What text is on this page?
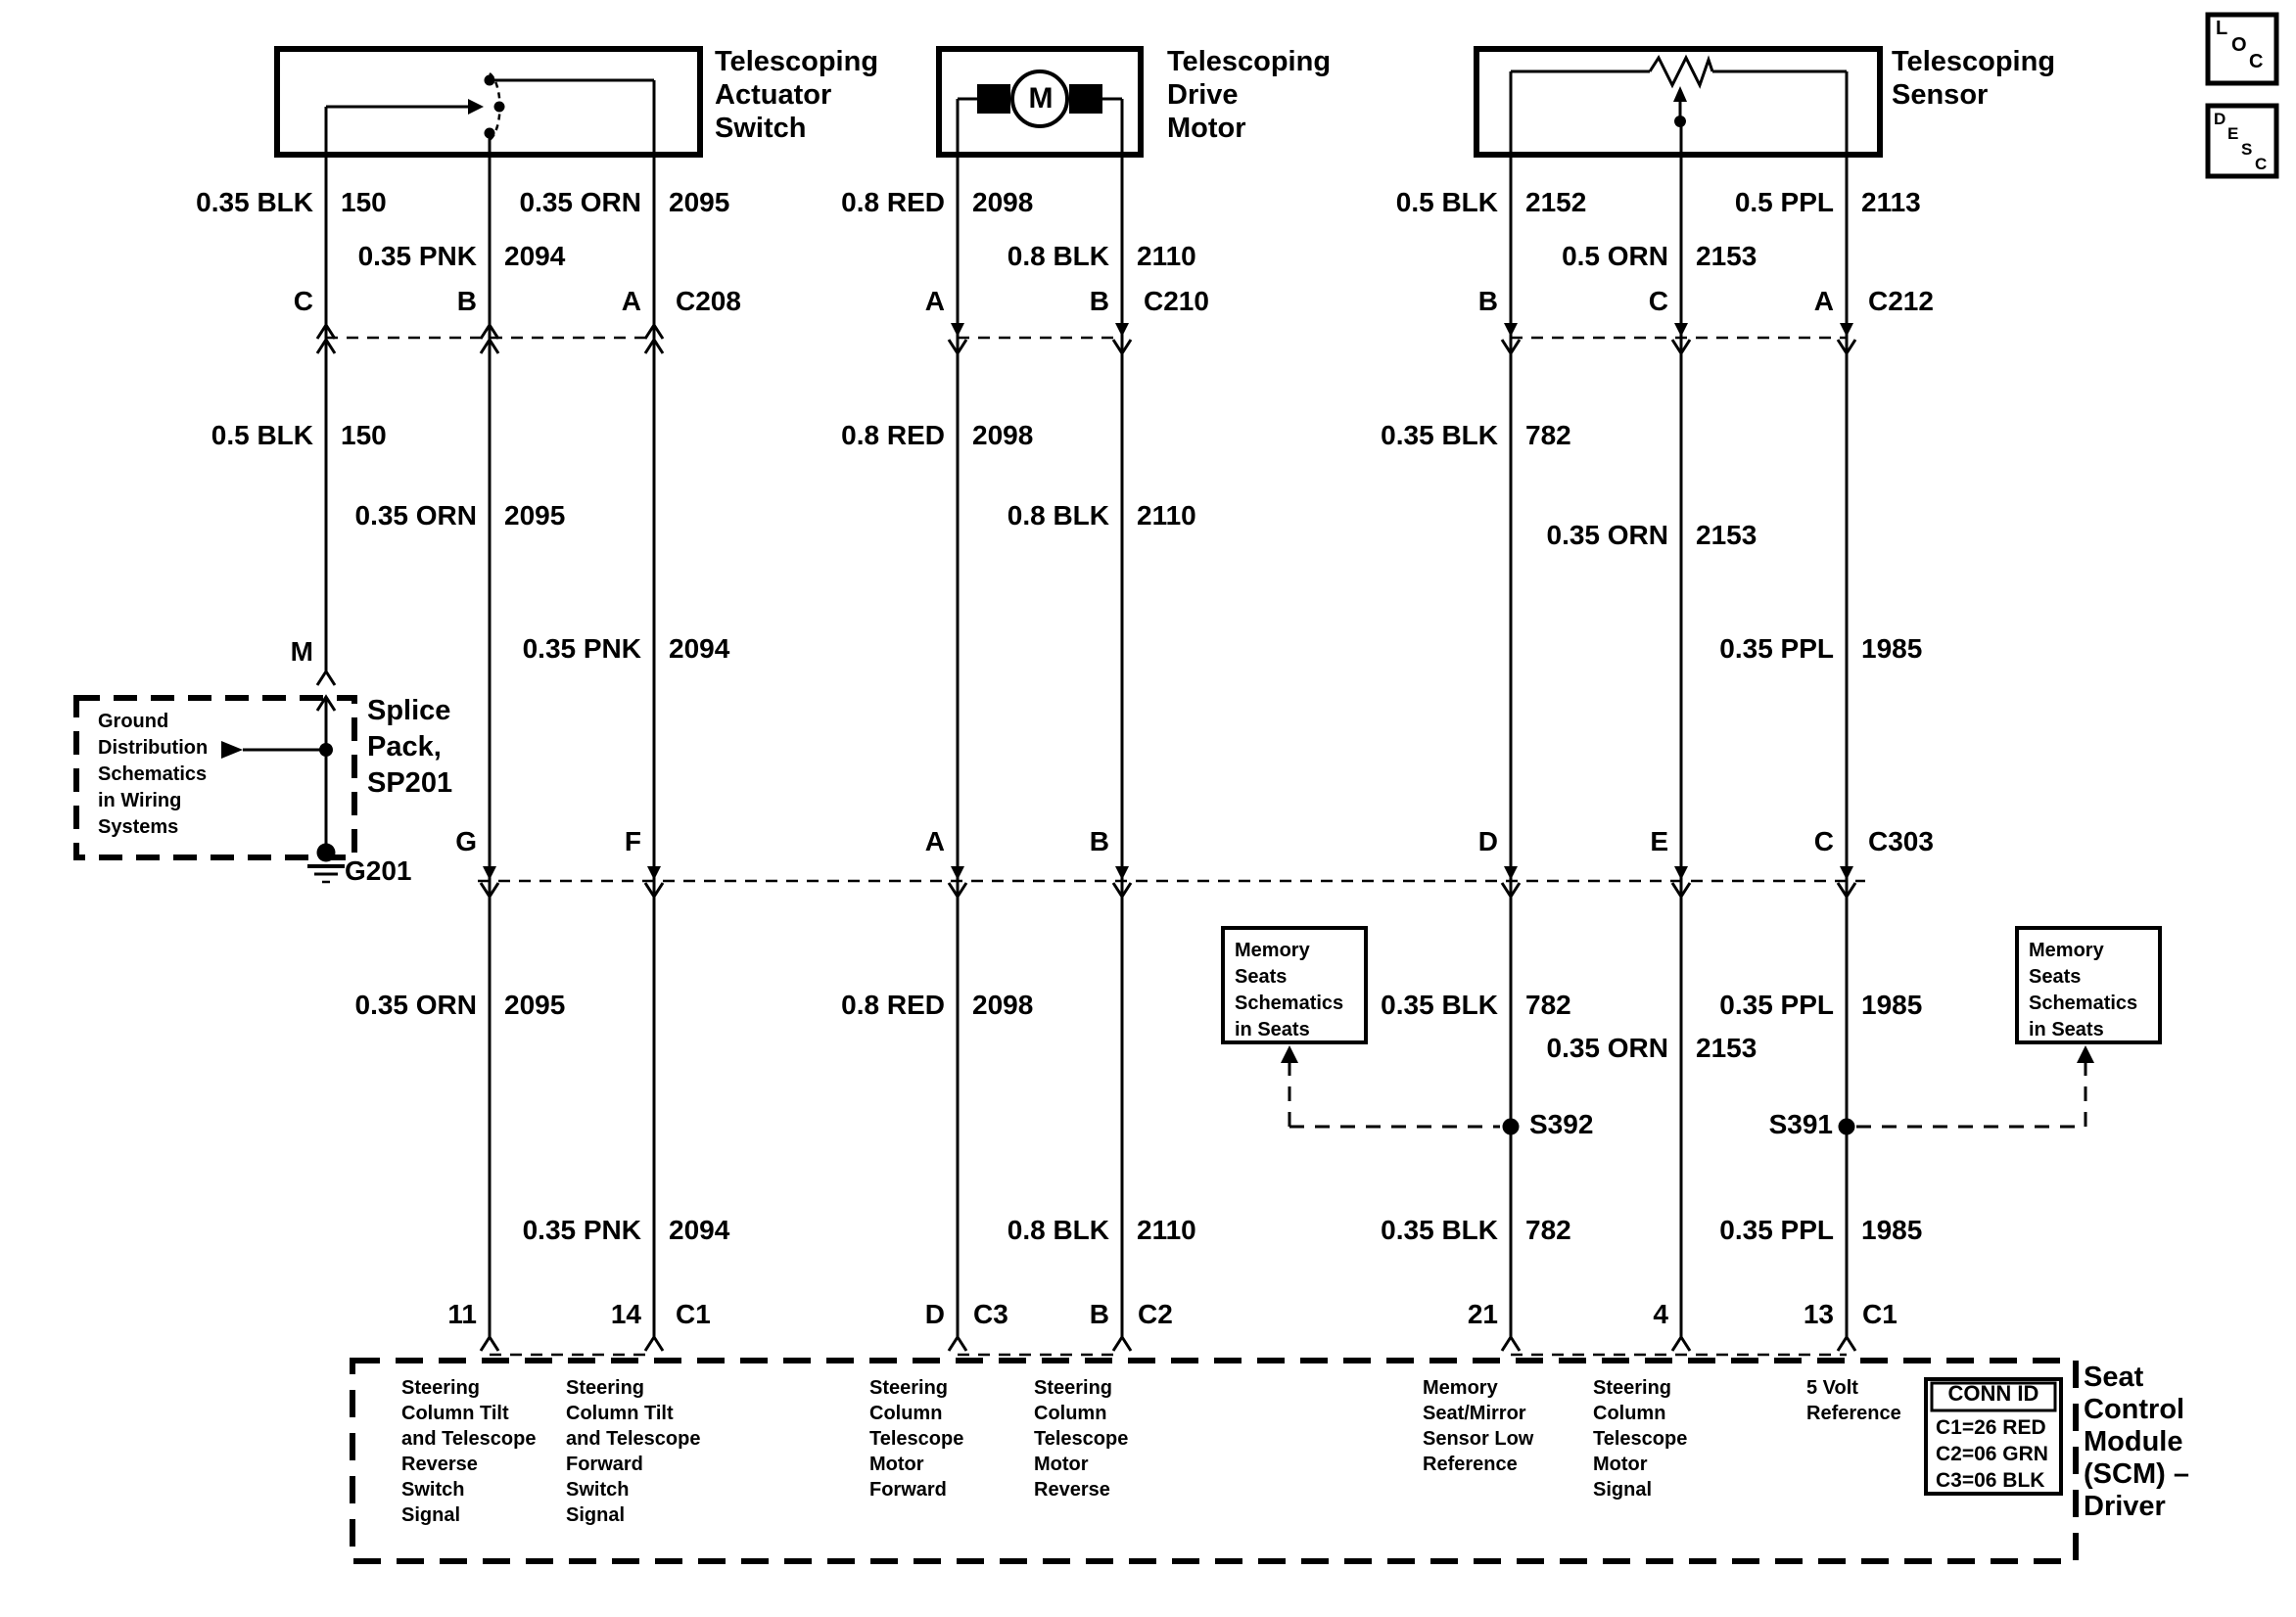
Telescoping
Actuator
Switch
Telescoping
Drive
Motor
Telescoping
Sensor
M
L
O
C
D
E
S
C
0.35 BLK 150	0.35 ORN 2095	0.8 RED 2098	0.5 BLK 2152	0.5 PPL 2113
0.35 PNK 2094	0.8 BLK 2110	0.5 ORN 2153
C	B	A C208	A	B C210	B	C	A C212
0.5 BLK 150	0.8 RED 2098	0.35 BLK 782
0.35 ORN 2095	0.8 BLK 2110
0.35 ORN 2153
0.35 PNK 2094	0.35 PPL 1985
M
Ground
Distribution
Schematics
in Wiring
Systems
Splice
Pack,
SP201
G201
G	F	A	B	D	E	C C303
0.35 ORN 2095	0.8 RED 2098	0.35 BLK 782	0.35 PPL 1985
0.35 ORN 2153
Memory
Seats
Schematics
in Seats
Memory
Seats
Schematics
in Seats
S392	S391
0.35 PNK 2094	0.8 BLK 2110	0.35 BLK 782	0.35 PPL 1985
11	14 C1	D C3	B C2	21	4	13 C1
Steering
Column Tilt
and Telescope
Reverse
Switch
Signal
Steering
Column Tilt
and Telescope
Forward
Switch
Signal
Steering
Column
Telescope
Motor
Forward
Steering
Column
Telescope
Motor
Reverse
Memory
Seat/Mirror
Sensor Low
Reference
Steering
Column
Telescope
Motor
Signal
5 Volt
Reference
CONN ID
C1=26 RED
C2=06 GRN
C3=06 BLK
Seat
Control
Module
(SCM) –
Driver
